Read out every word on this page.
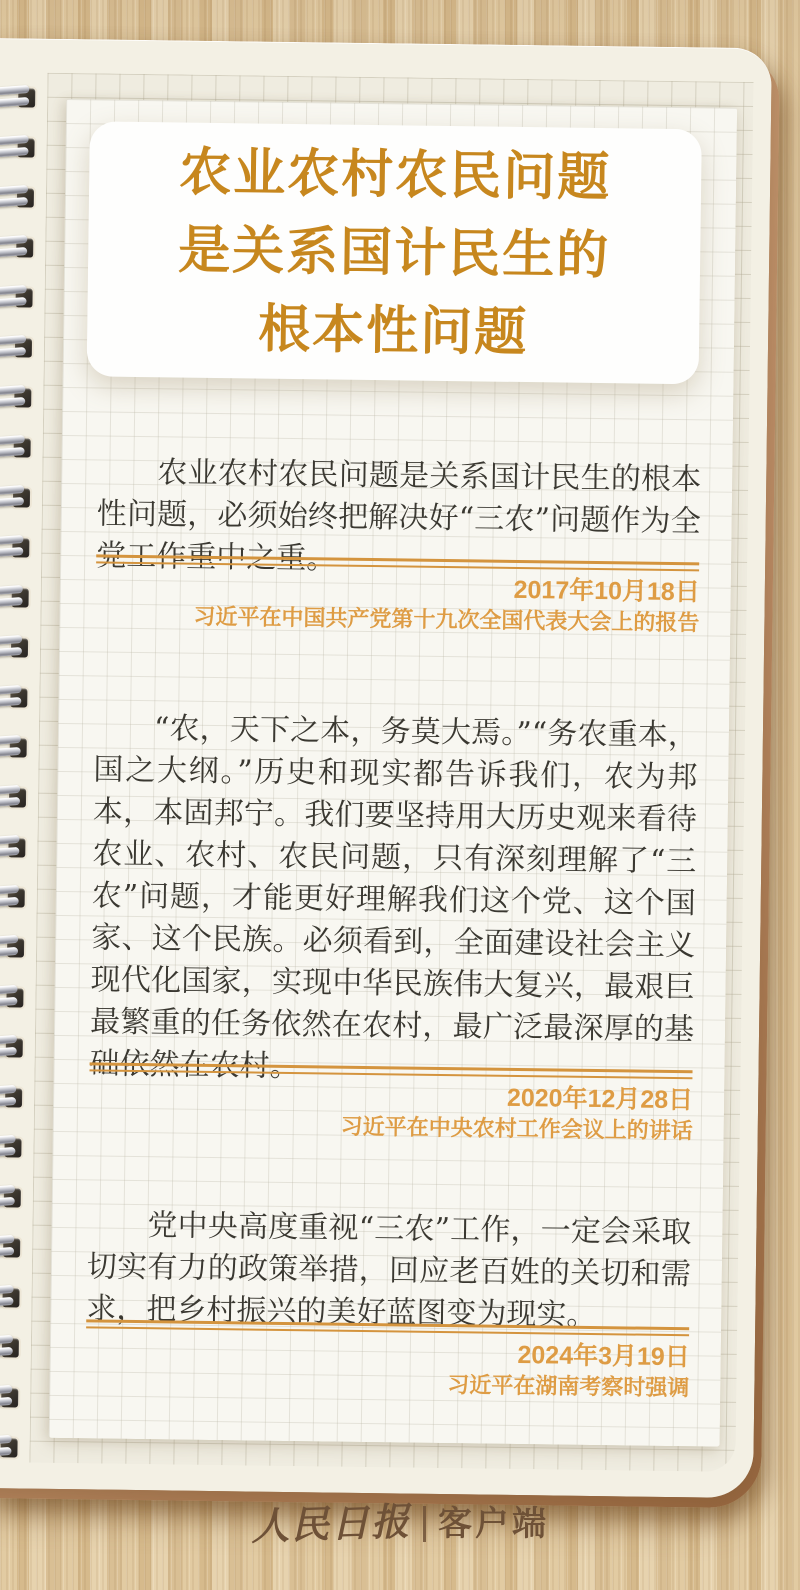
农业农村农民问题
是关系国计民生的
根本性问题

农业农村农民问题是关系国计民生的根本性问题，必须始终把解决好“三农”问题作为全党工作重中之重。

2017年10月18日
习近平在中国共产党第十九次全国代表大会上的报告

“农，天下之本，务莫大焉。”“务农重本，国之大纲。”历史和现实都告诉我们，农为邦本，本固邦宁。我们要坚持用大历史观来看待农业、农村、农民问题，只有深刻理解了“三农”问题，才能更好理解我们这个党、这个国家、这个民族。必须看到，全面建设社会主义现代化国家，实现中华民族伟大复兴，最艰巨最繁重的任务依然在农村，最广泛最深厚的基础依然在农村。

2020年12月28日
习近平在中央农村工作会议上的讲话

党中央高度重视“三农”工作，一定会采取切实有力的政策举措，回应老百姓的关切和需求，把乡村振兴的美好蓝图变为现实。

2024年3月19日
习近平在湖南考察时强调
人民日报 客户端
